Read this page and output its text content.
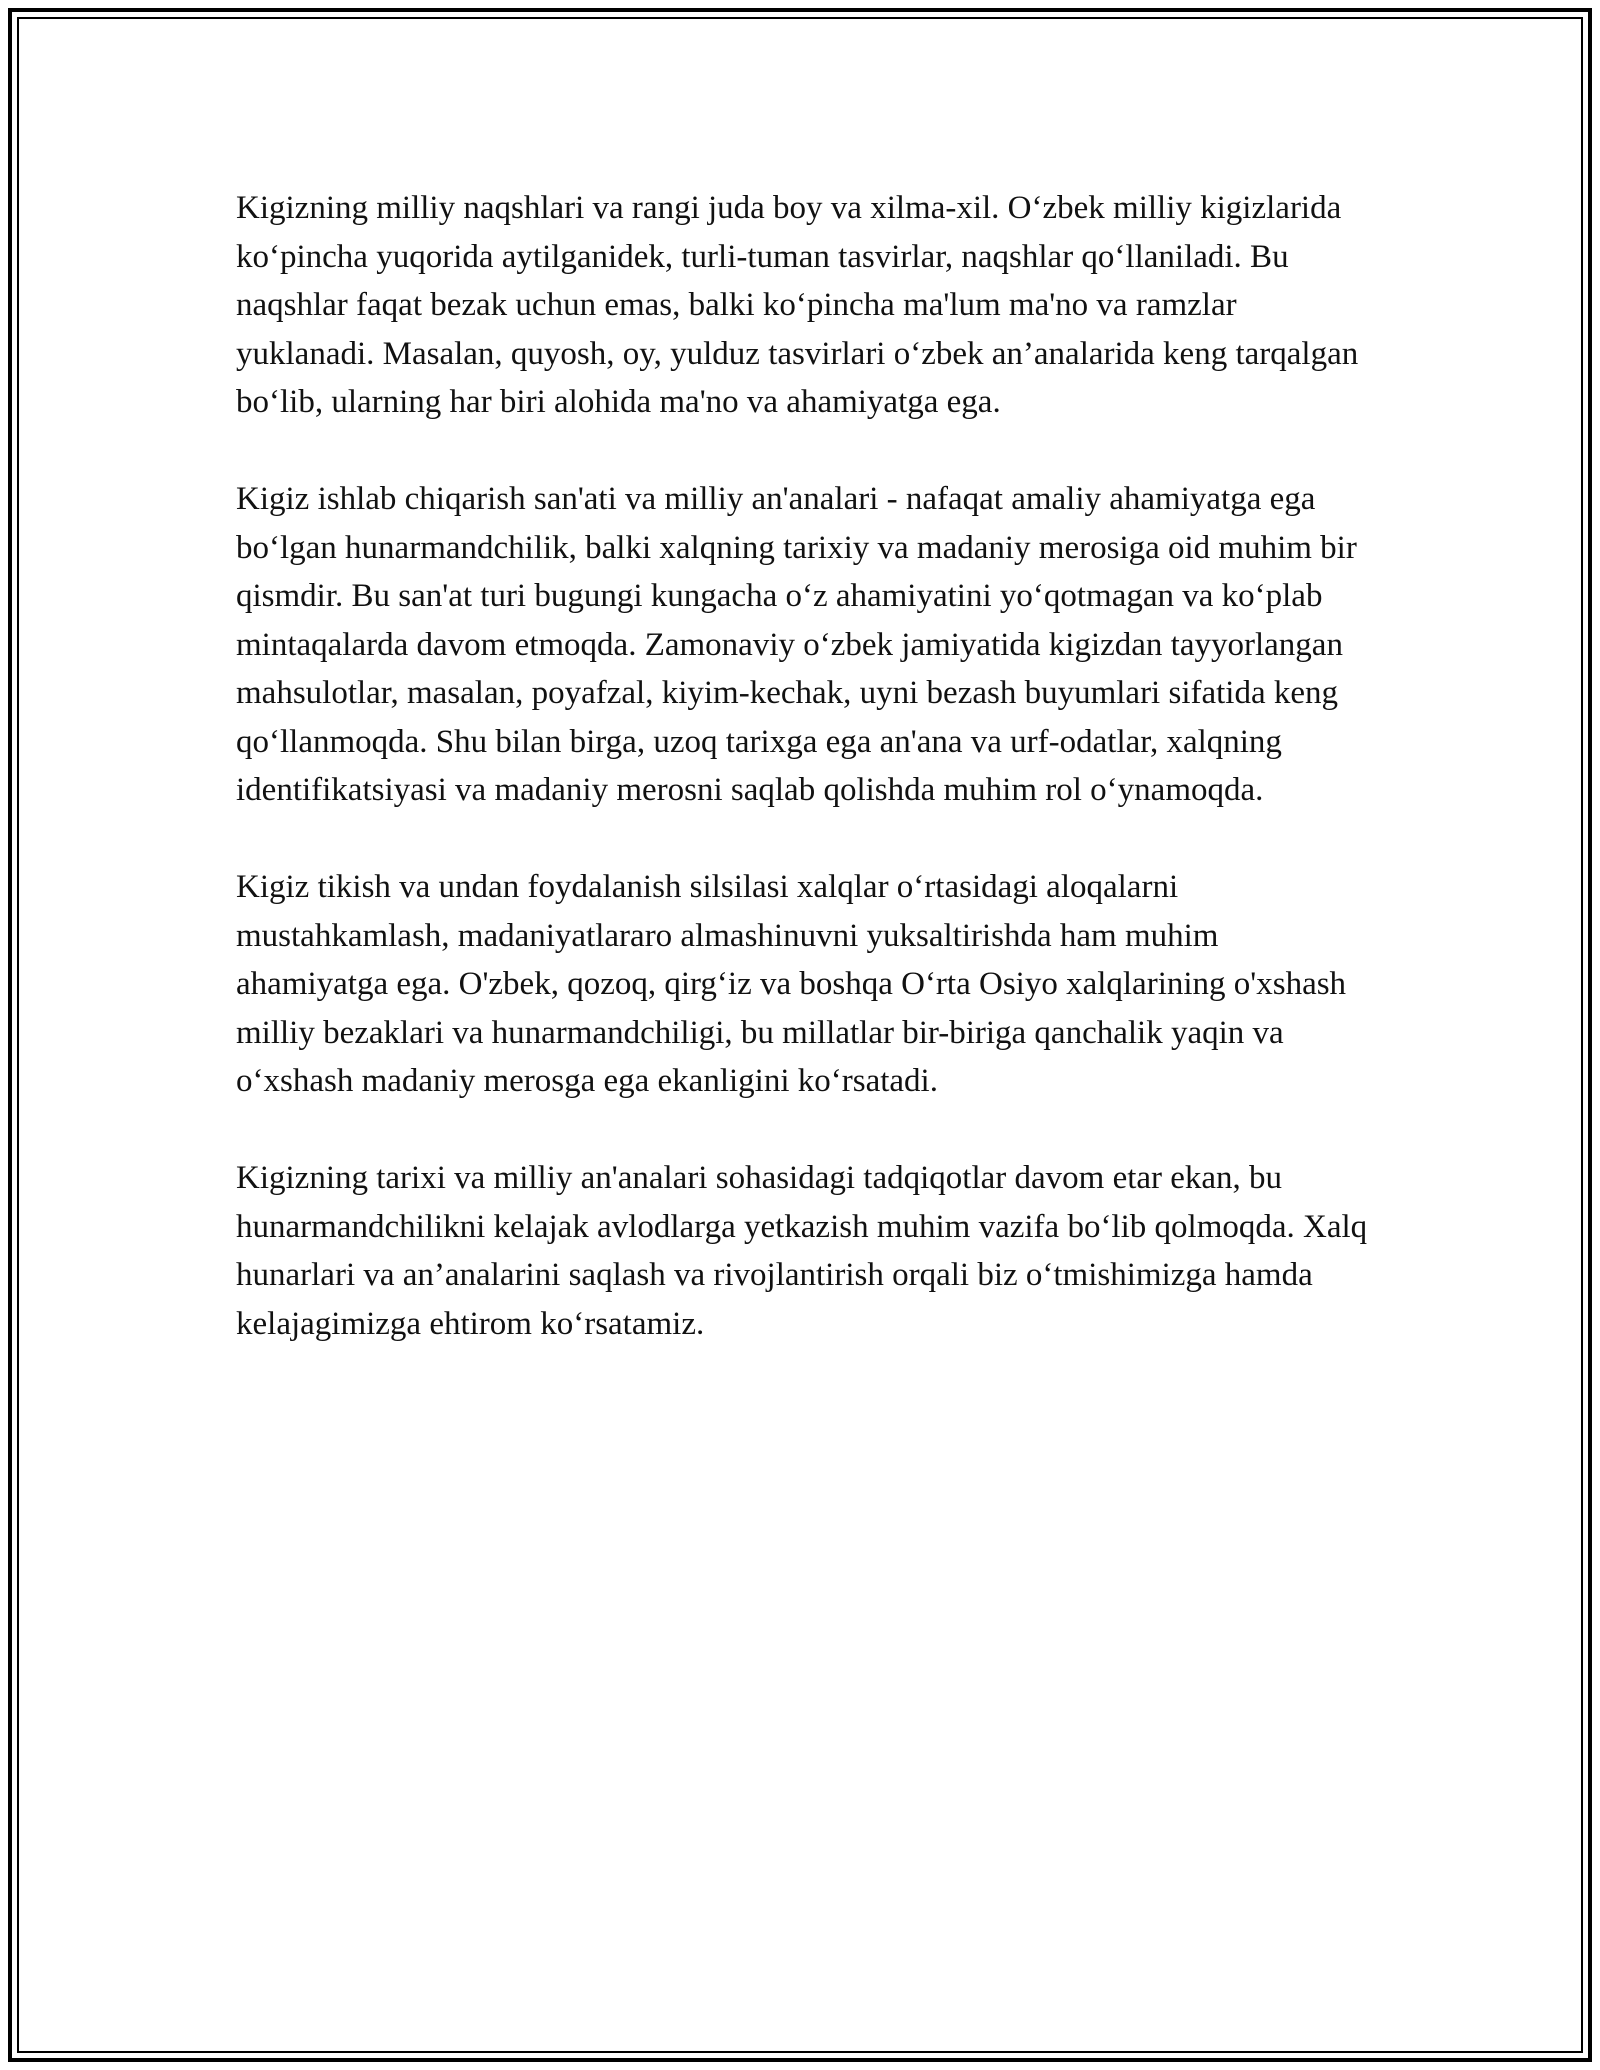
Kigizning milliy naqshlari va rangi juda boy va xilma-xil. O‘zbek milliy kigizlarida ko‘pincha yuqorida aytilganidek, turli-tuman tasvirlar, naqshlar qo‘llaniladi. Bu naqshlar faqat bezak uchun emas, balki ko‘pincha ma'lum ma'no va ramzlar yuklanadi. Masalan, quyosh, oy, yulduz tasvirlari o‘zbek an’analarida keng tarqalgan bo‘lib, ularning har biri alohida ma'no va ahamiyatga ega.

Kigiz ishlab chiqarish san'ati va milliy an'analari - nafaqat amaliy ahamiyatga ega bo‘lgan hunarmandchilik, balki xalqning tarixiy va madaniy merosiga oid muhim bir qismdir. Bu san'at turi bugungi kungacha o‘z ahamiyatini yo‘qotmagan va ko‘plab mintaqalarda davom etmoqda. Zamonaviy o‘zbek jamiyatida kigizdan tayyorlangan mahsulotlar, masalan, poyafzal, kiyim-kechak, uyni bezash buyumlari sifatida keng qo‘llanmoqda. Shu bilan birga, uzoq tarixga ega an'ana va urf-odatlar, xalqning identifikatsiyasi va madaniy merosni saqlab qolishda muhim rol o‘ynamoqda.

Kigiz tikish va undan foydalanish silsilasi xalqlar o‘rtasidagi aloqalarni mustahkamlash, madaniyatlararo almashinuvni yuksaltirishda ham muhim ahamiyatga ega. O'zbek, qozoq, qirg‘iz va boshqa O‘rta Osiyo xalqlarining o'xshash milliy bezaklari va hunarmandchiligi, bu millatlar bir-biriga qanchalik yaqin va o‘xshash madaniy merosga ega ekanligini ko‘rsatadi.

Kigizning tarixi va milliy an'analari sohasidagi tadqiqotlar davom etar ekan, bu hunarmandchilikni kelajak avlodlarga yetkazish muhim vazifa bo‘lib qolmoqda. Xalq hunarlari va an’analarini saqlash va rivojlantirish orqali biz o‘tmishimizga hamda kelajagimizga ehtirom ko‘rsatamiz.
